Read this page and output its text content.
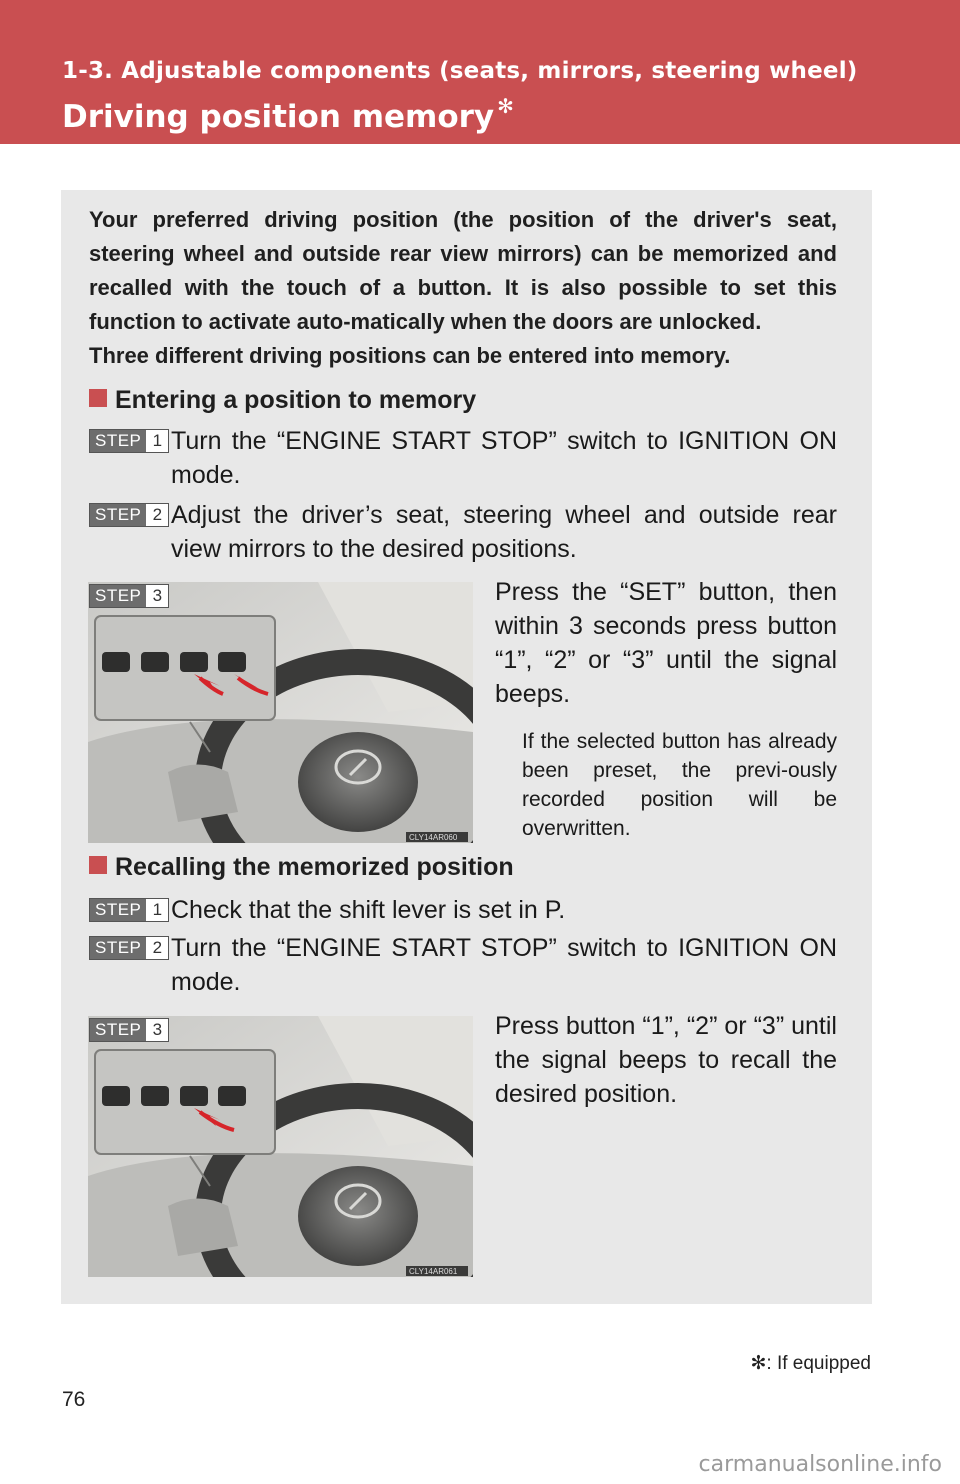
1-3. Adjustable components (seats, mirrors, steering wheel)
Driving position memory ✻

Your preferred driving position (the position of the driver's seat, steering wheel and outside rear view mirrors) can be memorized and recalled with the touch of a button. It is also possible to set this function to activate auto-matically when the doors are unlocked.

Three different driving positions can be entered into memory.

Entering a position to memory
STEP 1 Turn the “ENGINE START STOP” switch to IGNITION ON mode.
STEP 2 Adjust the driver’s seat, steering wheel and outside rear view mirrors to the desired positions.
CLY14AR060
STEP 3	Press the “SET” button, then within 3 seconds press button “1”, “2” or “3” until the signal beeps.
If the selected button has already been preset, the previ-ously recorded position will be overwritten.
Recalling the memorized position
STEP 1 Check that the shift lever is set in P.
STEP 2 Turn the “ENGINE START STOP” switch to IGNITION ON mode.
CLY14AR061
STEP 3	Press button “1”, “2” or “3” until the signal beeps to recall the desired position.
✻: If equipped
76
carmanualsonline.info
